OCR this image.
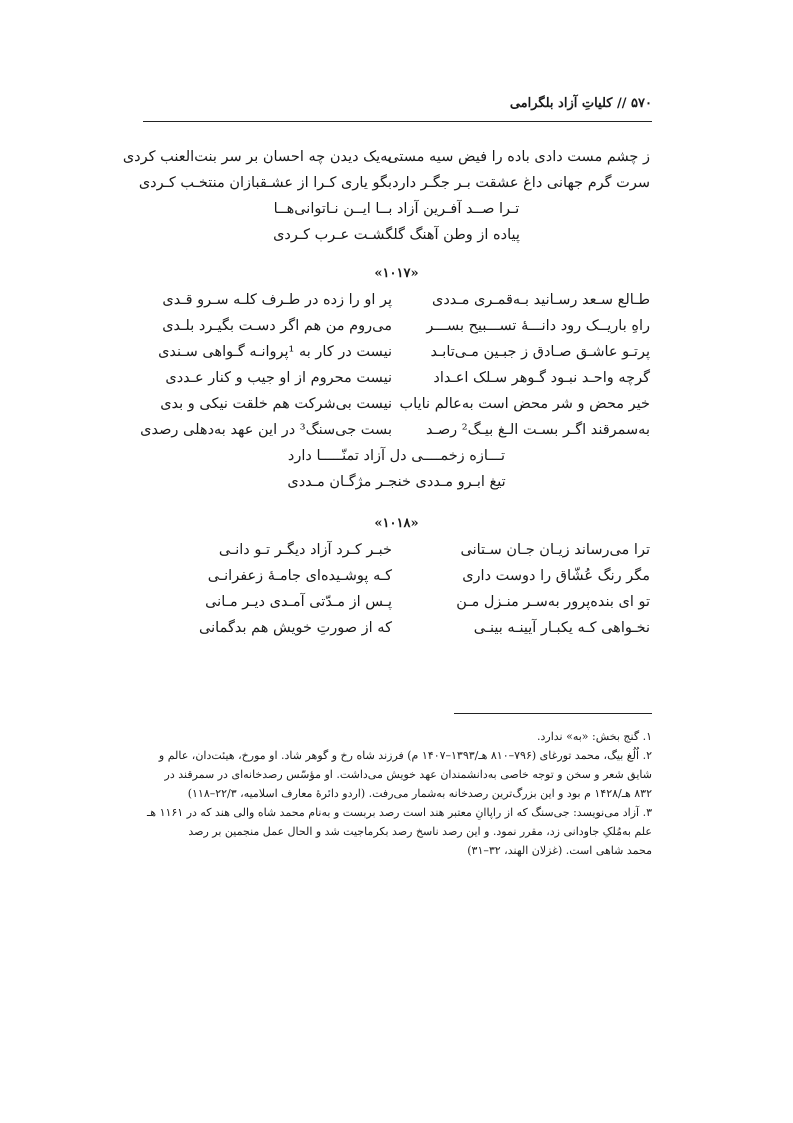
۵۷۰ // کلیاتِ آزاد بلگرامی
ز چشم مست دادی باده را فیض سیه مستی
به‌یک دیدن چه احسان بر سر بنت‌العنب کردی
سرت گرم جهانی داغ عشقت بـر جگـر دارد
بگو یاری کـرا از عشـقبازان منتخـب کـردی
تـرا صــد آفـرین آزاد بــا ایــن نـاتوانی‌هــا
پیاده از وطن آهنگ گلگشـت عـرب کـردی
«۱۰۱۷»
طـالع سـعد رسـانید بـه‌قمـری مـددی
پر او را زده در طـرف کلـه سـرو قـدی
راهِ باریــک رود دانـــهٔ تســـبیح بســـر
می‌روم من هم اگر دسـت بگیـرد بلـدی
پرتـو عاشـق صـادق ز جبـین مـی‌تابـد
نیست در کار به ¹پروانـه گـواهی سـندی
گرچه واحـد نبـود گـوهر سـلک اعـداد
نیست محروم از او جیب و کنار عـددی
خیر محض و شر محض است به‌عالم نایاب
نیست بی‌شرکت هم خلقت نیکی و بدی
به‌سمرقند اگـر بسـت الـغ بیـگ² رصـد
بست جی‌سنگ³ در این عهد به‌دهلی رصدی
تـــازه زخمــــی دل آزاد تمنّـــــا دارد
تیغ ابـرو مـددی خنجـر مژگـان مـددی
«۱۰۱۸»
ترا می‌رساند زیـان جـان سـتانی
خبـر کـرد آزاد دیگـر تـو دانـی
مگر رنگ عُشّاق را دوست داری
کـه پوشـیده‌ای جامـهٔ زعفرانـی
تو ای بنده‌پرور به‌سـر منـزل مـن
پـس از مـدّتی آمـدی دیـر مـانی
نخـواهی کـه یکبـار آیینـه بینـی
که از صورتِ خویش هم بدگمانی
۱. گنج بخش: «به» ندارد.
۲. اُلُغ بیگ، محمد تورغای (۷۹۶–۸۱۰ هـ/۱۳۹۳–۱۴۰۷ م) فرزند شاه رخ و گوهر شاد. او مورخ، هیئت‌دان، عالم و
شایق شعر و سخن و توجه خاصی به‌دانشمندان عهد خویش می‌داشت. او مؤسّس رصدخانه‌ای در سمرقند در
۸۳۲ هـ/۱۴۲۸ م بود و این بزرگ‌ترین رصدخانه به‌شمار می‌رفت. (اردو دائرهٔ معارف اسلامیه، ۲۲/۳–۱۱۸)
۳. آزاد می‌نویسد: جی‌سنگ که از راپاانِ معتبر هند است رصد بربست و به‌نام محمد شاه والی هند که در ۱۱۶۱ هـ
علم به‌مُلکِ جاودانی زد، مقرر نمود. و این رصد ناسخ رصد بکرماجیت شد و الحال عمل منجمین بر رصد
محمد شاهی است. (غزلان الهند، ۳۲–۳۱)
